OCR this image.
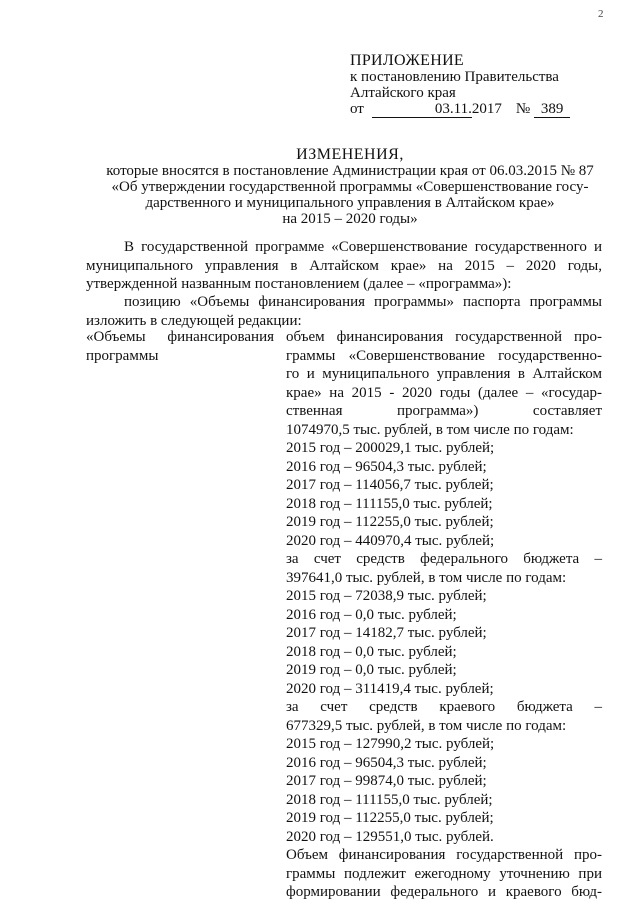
2
ПРИЛОЖЕНИЕ
к постановлению Правительства
Алтайского края
от	03.11. 2017 № 389
ИЗМЕНЕНИЯ,
которые вносятся в постановление Администрации края от 06.03.2015 № 87
«Об утверждении государственной программы «Совершенствование госу-
дарственного и муниципального управления в Алтайском крае»
на 2015 – 2020 годы»
В государственной программе «Совершенствование государственного и муниципального управления в Алтайском крае» на 2015 – 2020 годы, утвержденной названным постановлением (далее – «программа»):
позицию «Объемы финансирования программы» паспорта программы
изложить в следующей редакции:
«Объемы финансирования
программы
объем финансирования государственной про-
граммы «Совершенствование государственно-
го и муниципального управления в Алтайском
крае» на 2015 - 2020 годы (далее – «государ-
ственная программа») составляет
1074970,5 тыс. рублей, в том числе по годам:
2015 год – 200029,1 тыс. рублей;
2016 год – 96504,3 тыс. рублей;
2017 год – 114056,7 тыс. рублей;
2018 год – 111155,0 тыс. рублей;
2019 год – 112255,0 тыс. рублей;
2020 год – 440970,4 тыс. рублей;
за счет средств федерального бюджета –
397641,0 тыс. рублей, в том числе по годам:
2015 год – 72038,9 тыс. рублей;
2016 год – 0,0 тыс. рублей;
2017 год – 14182,7 тыс. рублей;
2018 год – 0,0 тыс. рублей;
2019 год – 0,0 тыс. рублей;
2020 год – 311419,4 тыс. рублей;
за счет средств краевого бюджета –
677329,5 тыс. рублей, в том числе по годам:
2015 год – 127990,2 тыс. рублей;
2016 год – 96504,3 тыс. рублей;
2017 год – 99874,0 тыс. рублей;
2018 год – 111155,0 тыс. рублей;
2019 год – 112255,0 тыс. рублей;
2020 год – 129551,0 тыс. рублей.
Объем финансирования государственной про-
граммы подлежит ежегодному уточнению при
формировании федерального и краевого бюд-
